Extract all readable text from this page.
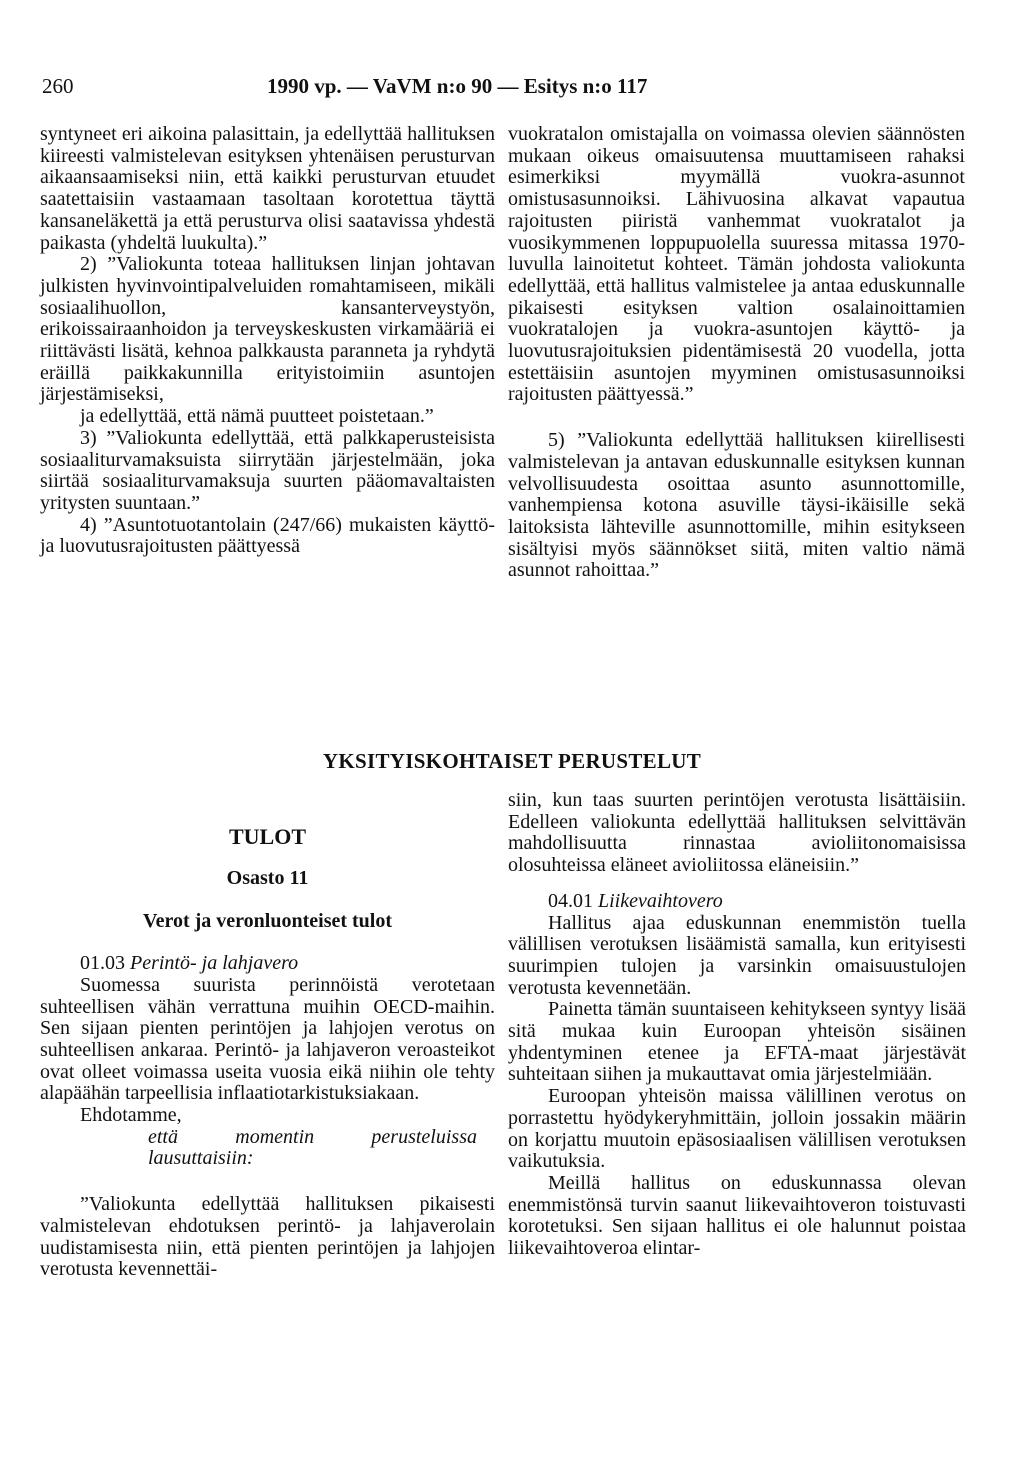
260	1990 vp. — VaVM n:o 90 — Esitys n:o 117

syntyneet eri aikoina palasittain, ja edellyttää hallituksen kiireesti valmistelevan esityksen yhtenäisen perusturvan aikaansaamiseksi niin, että kaikki perusturvan etuudet saatettaisiin vastaamaan tasoltaan korotettua täyttä kansaneläkettä ja että perusturva olisi saatavissa yhdestä paikasta (yhdeltä luukulta).”

2) ”Valiokunta toteaa hallituksen linjan johtavan julkisten hyvinvointipalveluiden romahtamiseen, mikäli sosiaalihuollon, kansanterveystyön, erikoissairaanhoidon ja terveyskeskusten virkamääriä ei riittävästi lisätä, kehnoa palkkausta paranneta ja ryhdytä eräillä paikkakunnilla erityistoimiin asuntojen järjestämiseksi,

ja edellyttää, että nämä puutteet poistetaan.”

3) ”Valiokunta edellyttää, että palkkaperusteisista sosiaaliturvamaksuista siirrytään järjestelmään, joka siirtää sosiaaliturvamaksuja suurten pääomavaltaisten yritysten suuntaan.”

4) ”Asuntotuotantolain (247/66) mukaisten käyttö- ja luovutusrajoitusten päättyessä

vuokratalon omistajalla on voimassa olevien säännösten mukaan oikeus omaisuutensa muuttamiseen rahaksi esimerkiksi myymällä vuokra-asunnot omistusasunnoiksi. Lähivuosina alkavat vapautua rajoitusten piiristä vanhemmat vuokratalot ja vuosikymmenen loppupuolella suuressa mitassa 1970-luvulla lainoitetut kohteet. Tämän johdosta valiokunta edellyttää, että hallitus valmistelee ja antaa eduskunnalle pikaisesti esityksen valtion osalainoittamien vuokratalojen ja vuokra-asuntojen käyttö- ja luovutusrajoituksien pidentämisestä 20 vuodella, jotta estettäisiin asuntojen myyminen omistusasunnoiksi rajoitusten päättyessä.”

5) ”Valiokunta edellyttää hallituksen kiirellisesti valmistelevan ja antavan eduskunnalle esityksen kunnan velvollisuudesta osoittaa asunto asunnottomille, vanhempiensa kotona asuville täysi-ikäisille sekä laitoksista lähteville asunnottomille, mihin esitykseen sisältyisi myös säännökset siitä, miten valtio nämä asunnot rahoittaa.”

YKSITYISKOHTAISET PERUSTELUT

TULOT

Osasto 11

Verot ja veronluonteiset tulot

01.03 Perintö- ja lahjavero

Suomessa suurista perinnöistä verotetaan suhteellisen vähän verrattuna muihin OECD-maihin. Sen sijaan pienten perintöjen ja lahjojen verotus on suhteellisen ankaraa. Perintö- ja lahjaveron veroasteikot ovat olleet voimassa useita vuosia eikä niihin ole tehty alapäähän tarpeellisia inflaatiotarkistuksiakaan.

Ehdotamme,

että momentin perusteluissa lausuttaisiin:

”Valiokunta edellyttää hallituksen pikaisesti valmistelevan ehdotuksen perintö- ja lahjaverolain uudistamisesta niin, että pienten perintöjen ja lahjojen verotusta kevennettäi-

siin, kun taas suurten perintöjen verotusta lisättäisiin. Edelleen valiokunta edellyttää hallituksen selvittävän mahdollisuutta rinnastaa avioliitonomaisissa olosuhteissa eläneet avioliitossa eläneisiin.”

04.01 Liikevaihtovero

Hallitus ajaa eduskunnan enemmistön tuella välillisen verotuksen lisäämistä samalla, kun erityisesti suurimpien tulojen ja varsinkin omaisuustulojen verotusta kevennetään.

Painetta tämän suuntaiseen kehitykseen syntyy lisää sitä mukaa kuin Euroopan yhteisön sisäinen yhdentyminen etenee ja EFTA-maat järjestävät suhteitaan siihen ja mukauttavat omia järjestelmiään.

Euroopan yhteisön maissa välillinen verotus on porrastettu hyödykeryhmittäin, jolloin jossakin määrin on korjattu muutoin epäsosiaalisen välillisen verotuksen vaikutuksia.

Meillä hallitus on eduskunnassa olevan enemmistönsä turvin saanut liikevaihtoveron toistuvasti korotetuksi. Sen sijaan hallitus ei ole halunnut poistaa liikevaihtoveroa elintar-
